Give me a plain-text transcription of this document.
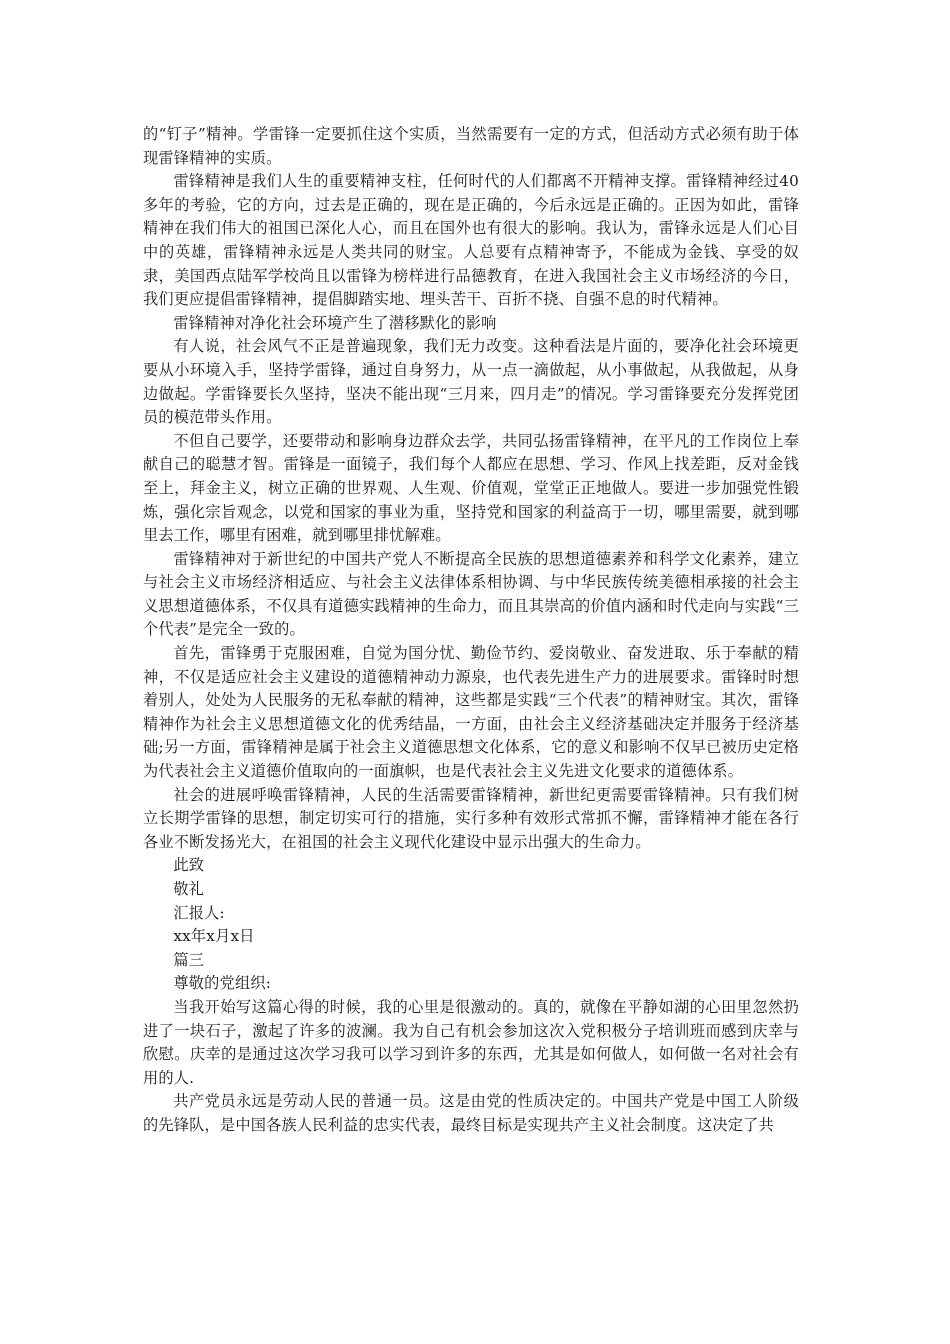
的“钉子”精神。学雷锋一定要抓住这个实质，当然需要有一定的方式，但活动方式必须有助于体现雷锋精神的实质。

雷锋精神是我们人生的重要精神支柱，任何时代的人们都离不开精神支撑。雷锋精神经过40多年的考验，它的方向，过去是正确的，现在是正确的，今后永远是正确的。正因为如此，雷锋精神在我们伟大的祖国已深化人心，而且在国外也有很大的影响。我认为，雷锋永远是人们心目中的英雄，雷锋精神永远是人类共同的财宝。人总要有点精神寄予，不能成为金钱、享受的奴隶，美国西点陆军学校尚且以雷锋为榜样进行品德教育，在进入我国社会主义市场经济的今日，我们更应提倡雷锋精神，提倡脚踏实地、埋头苦干、百折不挠、自强不息的时代精神。

雷锋精神对净化社会环境产生了潜移默化的影响

有人说，社会风气不正是普遍现象，我们无力改变。这种看法是片面的，要净化社会环境更要从小环境入手，坚持学雷锋，通过自身努力，从一点一滴做起，从小事做起，从我做起，从身边做起。学雷锋要长久坚持，坚决不能出现“三月来，四月走”的情况。学习雷锋要充分发挥党团员的模范带头作用。

不但自己要学，还要带动和影响身边群众去学，共同弘扬雷锋精神，在平凡的工作岗位上奉献自己的聪慧才智。雷锋是一面镜子，我们每个人都应在思想、学习、作风上找差距，反对金钱至上，拜金主义，树立正确的世界观、人生观、价值观，堂堂正正地做人。要进一步加强党性锻炼，强化宗旨观念，以党和国家的事业为重，坚持党和国家的利益高于一切，哪里需要，就到哪里去工作，哪里有困难，就到哪里排忧解难。

雷锋精神对于新世纪的中国共产党人不断提高全民族的思想道德素养和科学文化素养，建立与社会主义市场经济相适应、与社会主义法律体系相协调、与中华民族传统美德相承接的社会主义思想道德体系，不仅具有道德实践精神的生命力，而且其崇高的价值内涵和时代走向与实践“三个代表”是完全一致的。

首先，雷锋勇于克服困难，自觉为国分忧、勤俭节约、爱岗敬业、奋发进取、乐于奉献的精神，不仅是适应社会主义建设的道德精神动力源泉，也代表先进生产力的进展要求。雷锋时时想着别人，处处为人民服务的无私奉献的精神，这些都是实践“三个代表”的精神财宝。其次，雷锋精神作为社会主义思想道德文化的优秀结晶，一方面，由社会主义经济基础决定并服务于经济基础;另一方面，雷锋精神是属于社会主义道德思想文化体系，它的意义和影响不仅早已被历史定格为代表社会主义道德价值取向的一面旗帜，也是代表社会主义先进文化要求的道德体系。

社会的进展呼唤雷锋精神，人民的生活需要雷锋精神，新世纪更需要雷锋精神。只有我们树立长期学雷锋的思想，制定切实可行的措施，实行多种有效形式常抓不懈，雷锋精神才能在各行各业不断发扬光大，在祖国的社会主义现代化建设中显示出强大的生命力。

此致

敬礼

汇报人:

xx年x月x日

篇三

尊敬的党组织:

当我开始写这篇心得的时候，我的心里是很激动的。真的，就像在平静如湖的心田里忽然扔进了一块石子，激起了许多的波澜。我为自己有机会参加这次入党积极分子培训班而感到庆幸与欣慰。庆幸的是通过这次学习我可以学习到许多的东西，尤其是如何做人，如何做一名对社会有用的人.

共产党员永远是劳动人民的普通一员。这是由党的性质决定的。中国共产党是中国工人阶级的先锋队，是中国各族人民利益的忠实代表，最终目标是实现共产主义社会制度。这决定了共
